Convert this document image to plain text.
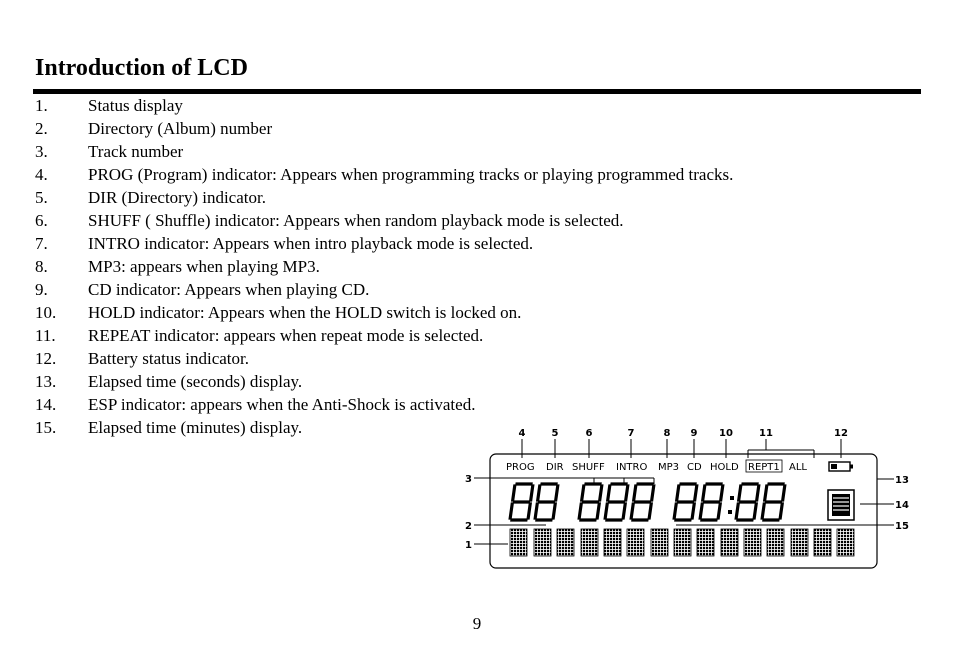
Introduction of LCD
1. Status display
2. Directory (Album) number
3. Track number
4. PROG (Program) indicator: Appears when programming tracks or playing programmed tracks.
5. DIR (Directory) indicator.
6. SHUFF ( Shuffle) indicator: Appears when random playback mode is selected.
7. INTRO indicator: Appears when intro playback mode is selected.
8. MP3: appears when playing MP3.
9. CD indicator: Appears when playing CD.
10. HOLD indicator: Appears when the HOLD switch is locked on.
11. REPEAT indicator: appears when repeat mode is selected.
12. Battery status indicator.
13. Elapsed time (seconds) display.
14. ESP indicator: appears when the Anti-Shock is activated.
15. Elapsed time (minutes) display.	4	5	6	7	8 9 10	11	12
PROG DIR SHUFF INTRO MP3 CD HOLD REPT1 ALL
13
14
15
3
2
1
9
